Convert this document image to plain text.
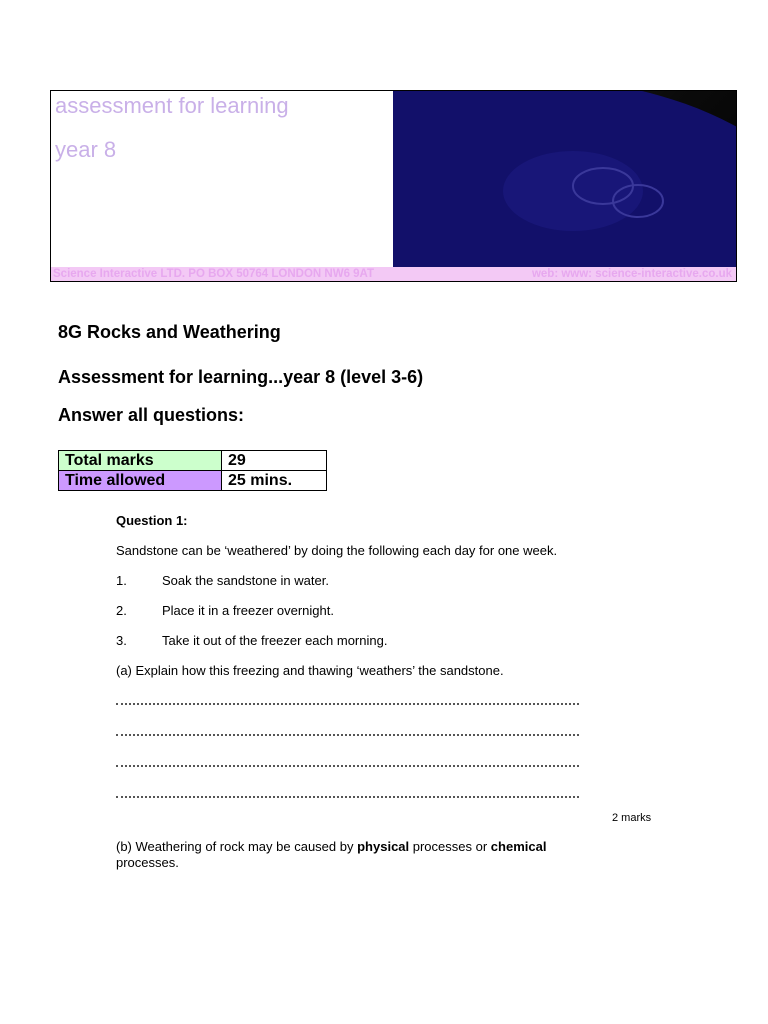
assessment for learning
year 8
Science Interactive LTD. PO BOX 50764 LONDON NW6 9AT	web: www: science-interactive.co.uk
8G Rocks and Weathering
Assessment for learning...year 8 (level 3-6)
Answer all questions:
Total marks	29
Time allowed	25 mins.
Question 1:
Sandstone can be ‘weathered’ by doing the following each day for one week.
1.	Soak the sandstone in water.
2.	Place it in a freezer overnight.
3.	Take it out of the freezer each morning.
(a) Explain how this freezing and thawing ‘weathers’ the sandstone.
2 marks
(b) Weathering of rock may be caused by physical processes or chemical processes.
